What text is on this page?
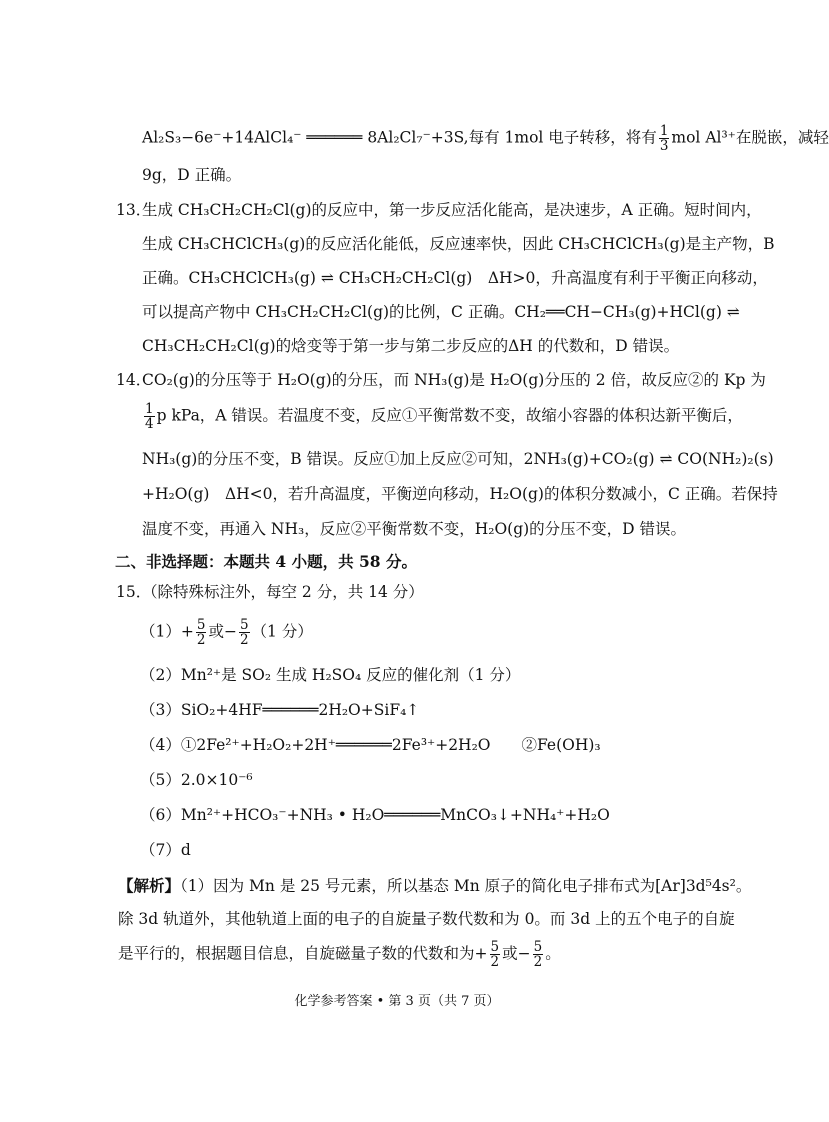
Al₂S₃−6e⁻+14AlCl₄⁻ ══════ 8Al₂Cl₇⁻+3S,每有 1mol 电子转移，将有 $\frac{1}{3}$ mol Al³⁺在脱嵌，减轻
9g，D 正确。
13．
生成 CH₃CH₂CH₂Cl(g)的反应中，第一步反应活化能高，是决速步，A 正确。短时间内，
生成 CH₃CHClCH₃(g)的反应活化能低，反应速率快，因此 CH₃CHClCH₃(g)是主产物，B
正确。CH₃CHClCH₃(g) ⇌ CH₃CH₂CH₂Cl(g)　ΔH>0，升高温度有利于平衡正向移动，
可以提高产物中 CH₃CH₂CH₂Cl(g)的比例，C 正确。CH₂══CH−CH₃(g)+HCl(g) ⇌
CH₃CH₂CH₂Cl(g)的焓变等于第一步与第二步反应的ΔH 的代数和，D 错误。
14．
CO₂(g)的分压等于 H₂O(g)的分压，而 NH₃(g)是 H₂O(g)分压的 2 倍，故反应②的 Kp 为
$\frac{1}{4}$ p kPa，A 错误。若温度不变，反应①平衡常数不变，故缩小容器的体积达新平衡后，
NH₃(g)的分压不变，B 错误。反应①加上反应②可知，2NH₃(g)+CO₂(g) ⇌ CO(NH₂)₂(s)
+H₂O(g)　ΔH<0，若升高温度，平衡逆向移动，H₂O(g)的体积分数减小，C 正确。若保持
温度不变，再通入 NH₃，反应②平衡常数不变，H₂O(g)的分压不变，D 错误。
二、非选择题：本题共 4 小题，共 58 分。
15．
（除特殊标注外，每空 2 分，共 14 分）
$(1)+ \frac{5}{2}$ 或− $\frac{5}{2} (1$ 分）
（2）Mn²⁺是 SO₂ 生成 H₂SO₄ 反应的催化剂（1 分）
（3）SiO₂+4HF══════2H₂O+SiF₄↑
（4）①2Fe²⁺+H₂O₂+2H⁺══════2Fe³⁺+2H₂O　　②Fe(OH)₃
（5）2.0×10⁻⁶
（6）Mn²⁺+HCO₃⁻+NH₃ • H₂O══════MnCO₃↓+NH₄⁺+H₂O
（7）d
【解析】（1）因为 Mn 是 25 号元素，所以基态 Mn 原子的简化电子排布式为[Ar]3d⁵4s²。
除 3d 轨道外，其他轨道上面的电子的自旋量子数代数和为 0。而 3d 上的五个电子的自旋
是平行的，根据题目信息，自旋磁量子数的代数和为+ $\frac{5}{2}$ 或− $\frac{5}{2}$ 。
化学参考答案 • 第 3 页（共 7 页）
